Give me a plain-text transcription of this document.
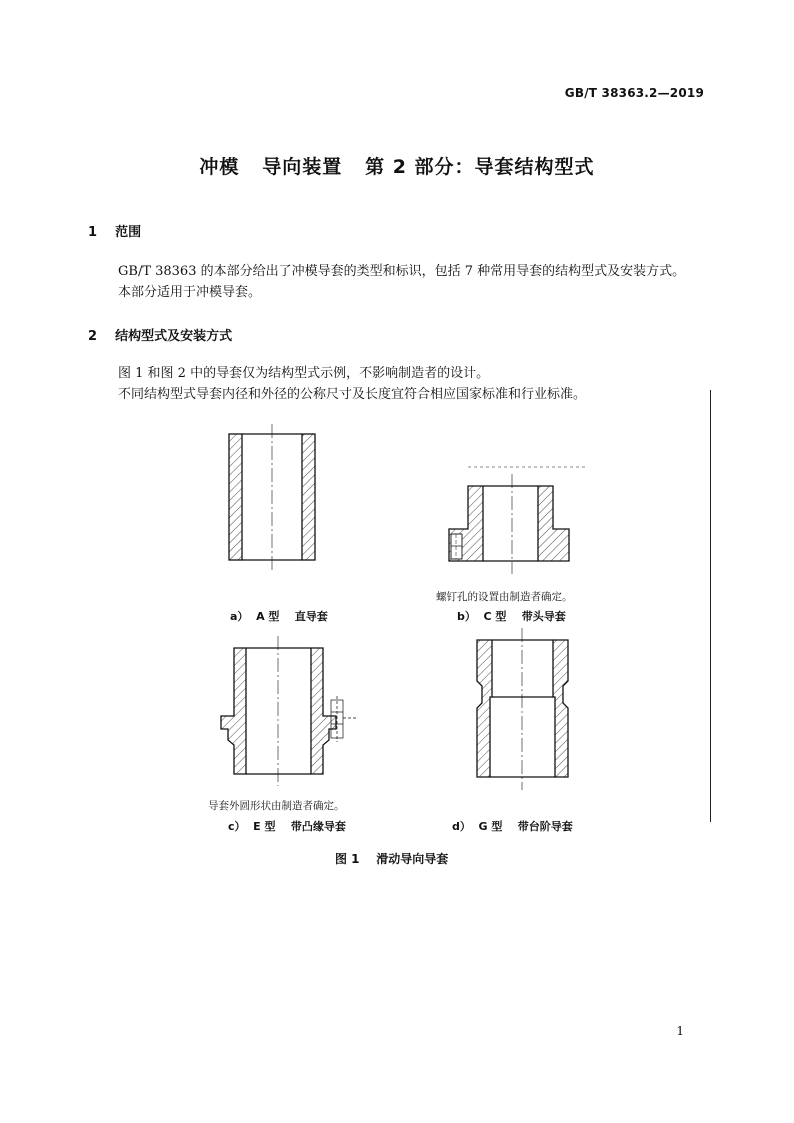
GB/T 38363.2—2019
冲模   导向装置   第 2 部分：导套结构型式
1 范围
GB/T 38363 的本部分给出了冲模导套的类型和标识，包括 7 种常用导套的结构型式及安装方式。
本部分适用于冲模导套。
2 结构型式及安装方式
图 1 和图 2 中的导套仅为结构型式示例，不影响制造者的设计。
不同结构型式导套内径和外径的公称尺寸及长度宜符合相应国家标准和行业标准。
螺钉孔的设置由制造者确定。
a）  A 型    直导套	b）  C 型    带头导套
导套外圆形状由制造者确定。
c）  E 型    带凸缘导套	d）  G 型    带台阶导套
图 1    滑动导向导套
1
